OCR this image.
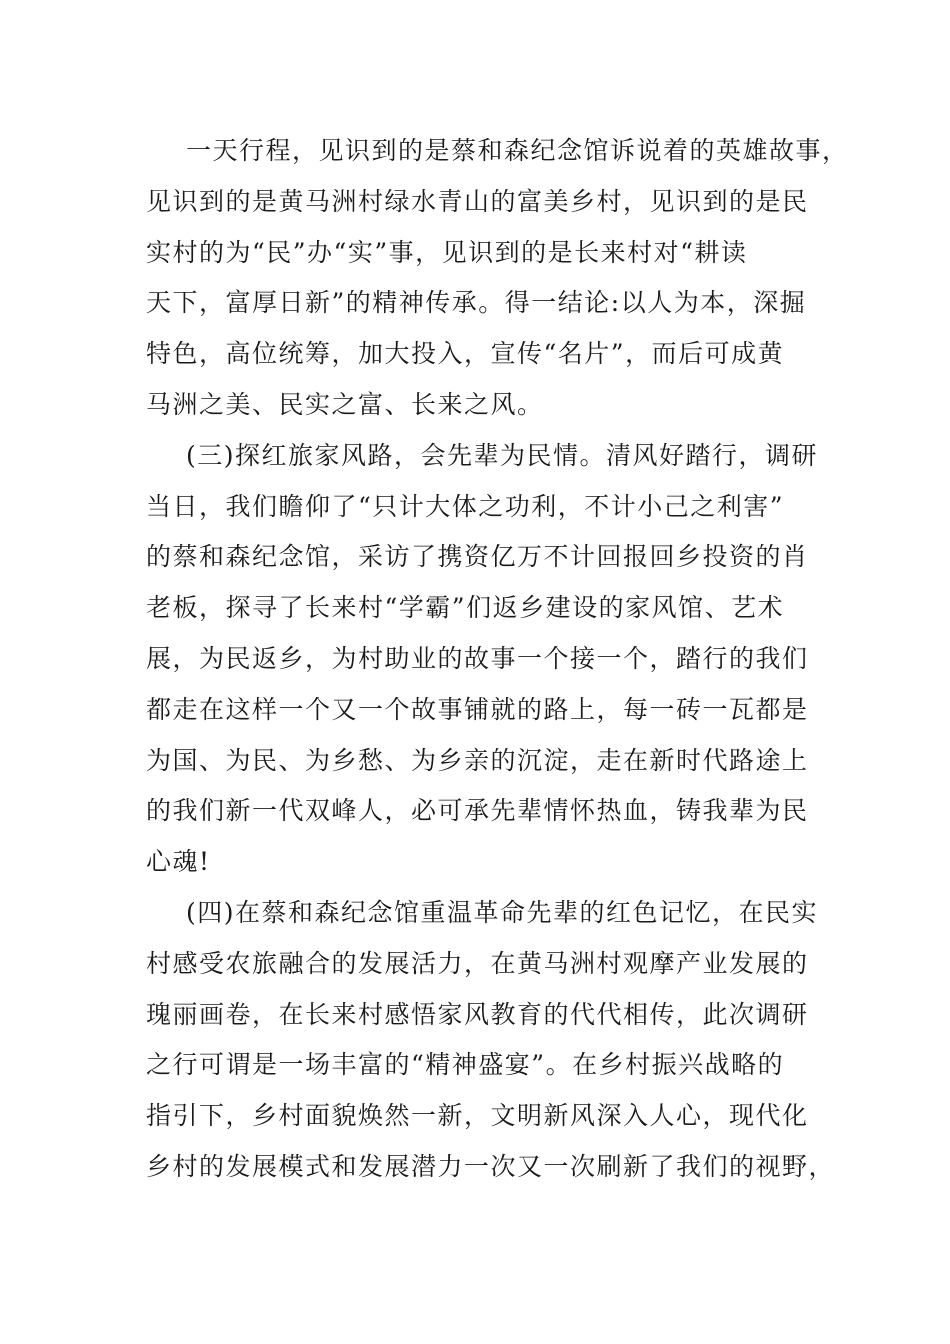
一天行程，见识到的是蔡和森纪念馆诉说着的英雄故事，
见识到的是黄马洲村绿水青山的富美乡村，见识到的是民
实村的为“民”办“实”事，见识到的是长来村对“耕读
天下，富厚日新”的精神传承。得一结论:以人为本，深掘
特色，高位统筹，加大投入，宣传“名片”，而后可成黄
马洲之美、民实之富、长来之风。
(三)探红旅家风路，会先辈为民情。清风好踏行，调研
当日，我们瞻仰了“只计大体之功利，不计小己之利害”
的蔡和森纪念馆，采访了携资亿万不计回报回乡投资的肖
老板，探寻了长来村“学霸”们返乡建设的家风馆、艺术
展，为民返乡，为村助业的故事一个接一个，踏行的我们
都走在这样一个又一个故事铺就的路上，每一砖一瓦都是
为国、为民、为乡愁、为乡亲的沉淀，走在新时代路途上
的我们新一代双峰人，必可承先辈情怀热血，铸我辈为民
心魂!
(四)在蔡和森纪念馆重温革命先辈的红色记忆，在民实
村感受农旅融合的发展活力，在黄马洲村观摩产业发展的
瑰丽画卷，在长来村感悟家风教育的代代相传，此次调研
之行可谓是一场丰富的“精神盛宴”。在乡村振兴战略的
指引下，乡村面貌焕然一新，文明新风深入人心，现代化
乡村的发展模式和发展潜力一次又一次刷新了我们的视野，
